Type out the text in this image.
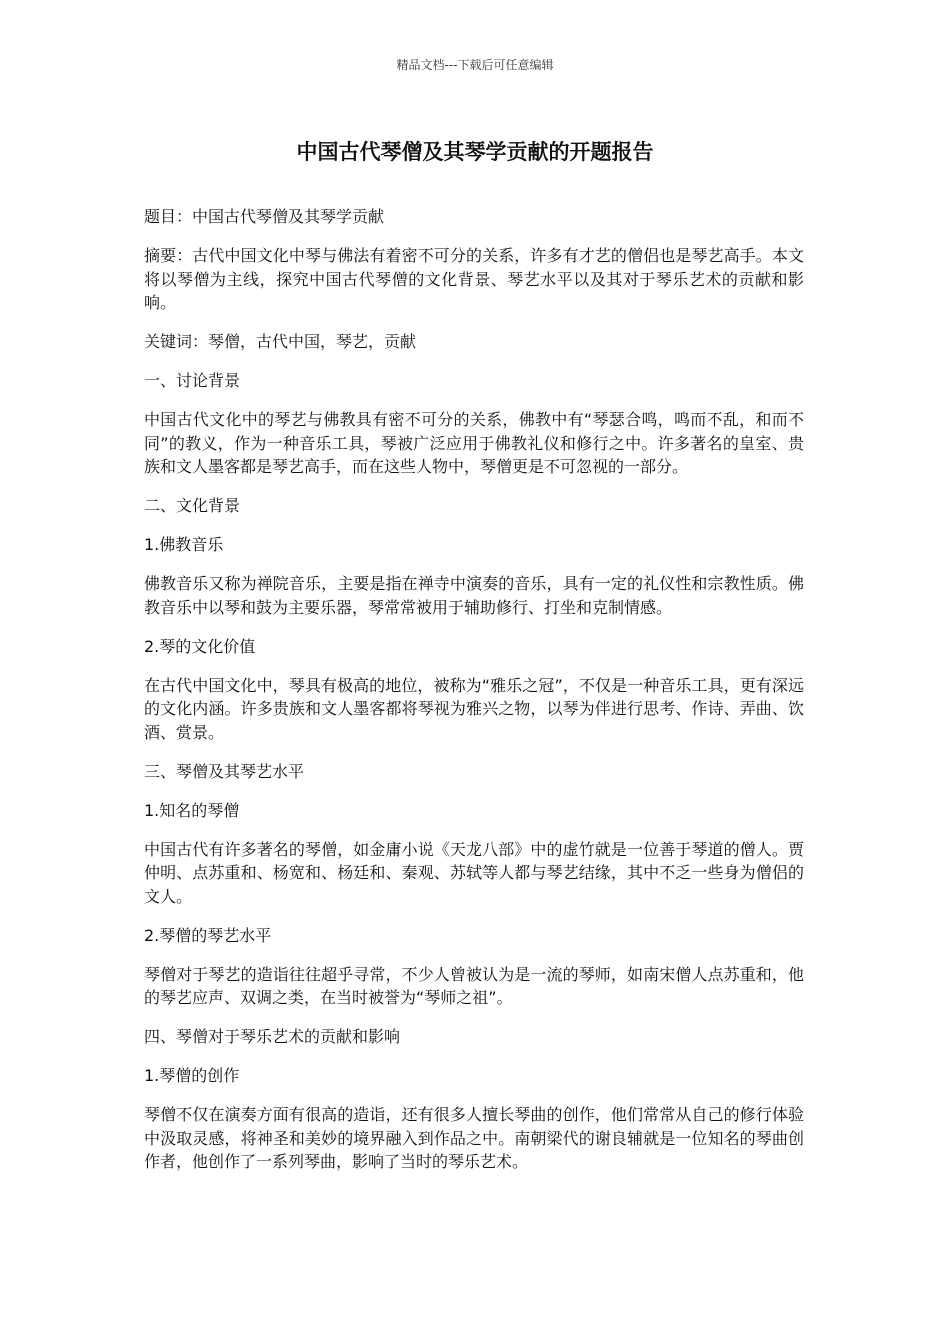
精品文档---下载后可任意编辑
中国古代琴僧及其琴学贡献的开题报告

题目：中国古代琴僧及其琴学贡献

摘要：古代中国文化中琴与佛法有着密不可分的关系，许多有才艺的僧侣也是琴艺高手。本文将以琴僧为主线，探究中国古代琴僧的文化背景、琴艺水平以及其对于琴乐艺术的贡献和影响。

关键词：琴僧，古代中国，琴艺，贡献

一、讨论背景

中国古代文化中的琴艺与佛教具有密不可分的关系，佛教中有“琴瑟合鸣，鸣而不乱，和而不同”的教义，作为一种音乐工具，琴被广泛应用于佛教礼仪和修行之中。许多著名的皇室、贵族和文人墨客都是琴艺高手，而在这些人物中，琴僧更是不可忽视的一部分。

二、文化背景

1.佛教音乐

佛教音乐又称为禅院音乐，主要是指在禅寺中演奏的音乐，具有一定的礼仪性和宗教性质。佛教音乐中以琴和鼓为主要乐器，琴常常被用于辅助修行、打坐和克制情感。

2.琴的文化价值

在古代中国文化中，琴具有极高的地位，被称为“雅乐之冠”，不仅是一种音乐工具，更有深远的文化内涵。许多贵族和文人墨客都将琴视为雅兴之物，以琴为伴进行思考、作诗、弄曲、饮酒、赏景。

三、琴僧及其琴艺水平

1.知名的琴僧

中国古代有许多著名的琴僧，如金庸小说《天龙八部》中的虚竹就是一位善于琴道的僧人。贾仲明、点苏重和、杨宽和、杨廷和、秦观、苏轼等人都与琴艺结缘，其中不乏一些身为僧侣的文人。

2.琴僧的琴艺水平

琴僧对于琴艺的造诣往往超乎寻常，不少人曾被认为是一流的琴师，如南宋僧人点苏重和，他的琴艺应声、双调之类，在当时被誉为“琴师之祖”。

四、琴僧对于琴乐艺术的贡献和影响

1.琴僧的创作

琴僧不仅在演奏方面有很高的造诣，还有很多人擅长琴曲的创作，他们常常从自己的修行体验中汲取灵感，将神圣和美妙的境界融入到作品之中。南朝梁代的谢良辅就是一位知名的琴曲创作者，他创作了一系列琴曲，影响了当时的琴乐艺术。
